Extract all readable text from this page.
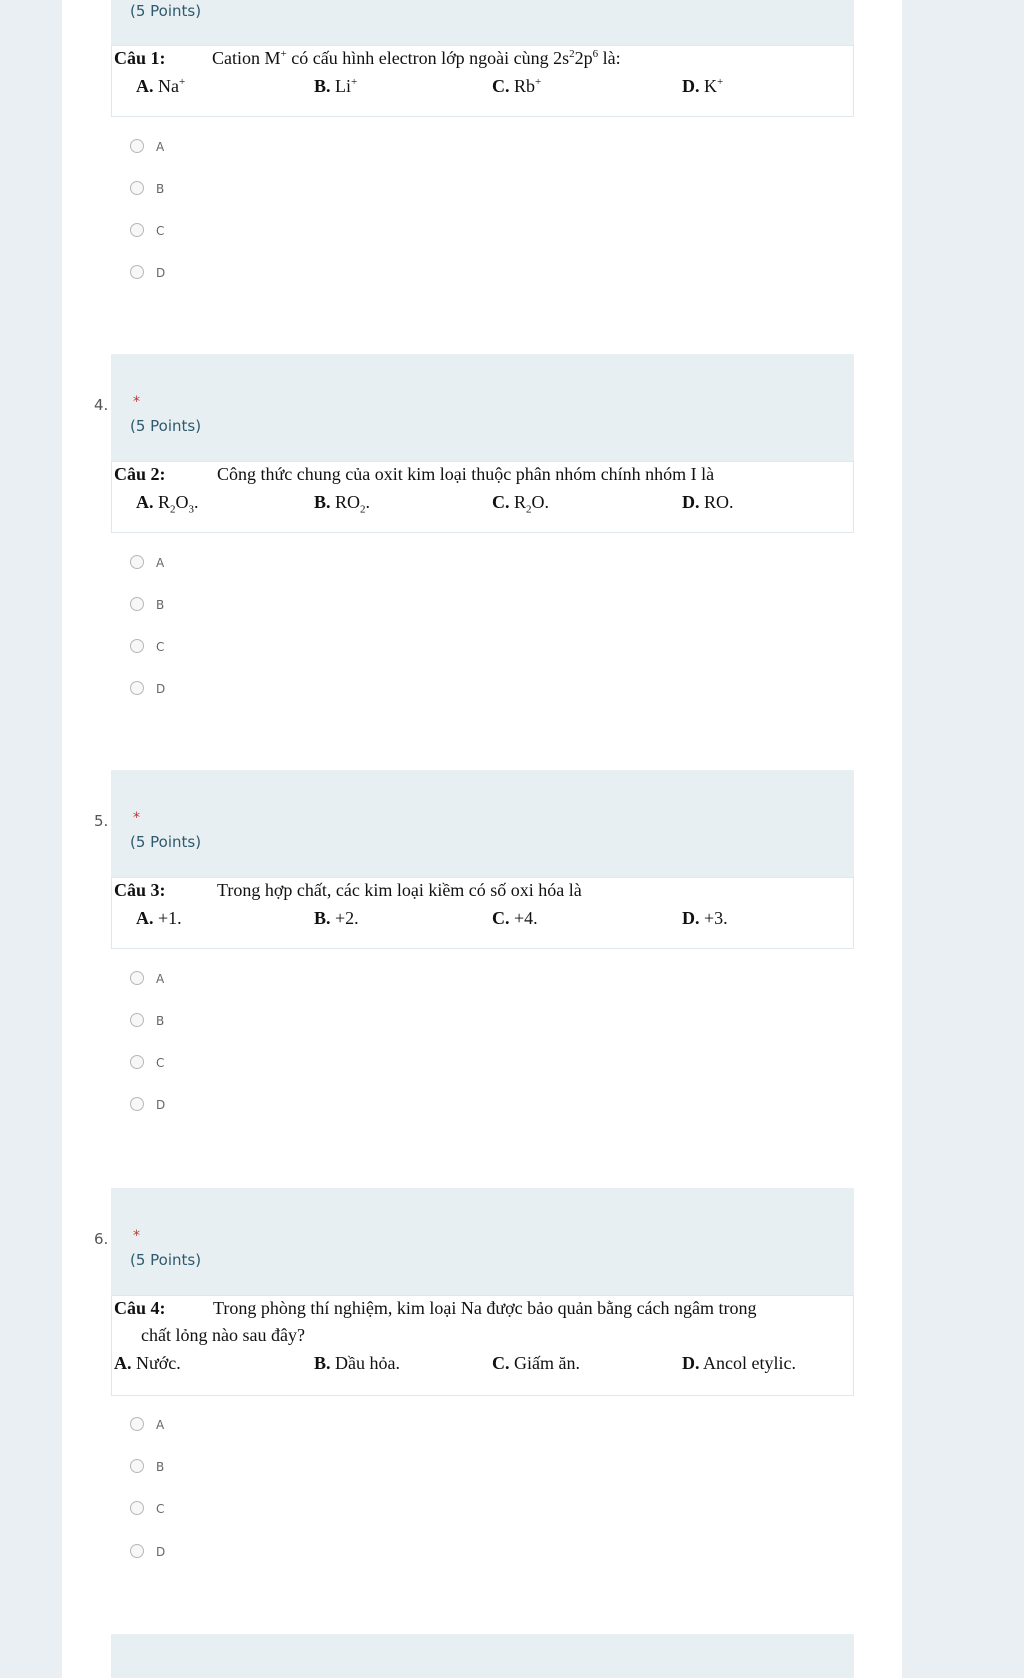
(5 Points)
Câu 1:	Cation M+ có cấu hình electron lớp ngoài cùng $2s^22p^6$ là:
A. Na+	B. Li+	C. Rb+	D. K+
A
B
C
D
4. *
(5 Points)
Câu 2:	Công thức chung của oxit kim loại thuộc phân nhóm chính nhóm I là
A. $R_2O_3$.	B. $RO_2$.	C. $R_2O$.	D. RO.
A
B
C
D
5. *
(5 Points)
Câu 3:	Trong hợp chất, các kim loại kiềm có số oxi hóa là
A. +1.	B. +2.	C. +4.	D. +3.
A
B
C
D
6. *
(5 Points)
Câu 4:	Trong phòng thí nghiệm, kim loại Na được bảo quản bằng cách ngâm trong
chất lỏng nào sau đây?
A. Nước.	B. Dầu hỏa.	C. Giấm ăn.	D. Ancol etylic.
A
B
C
D
